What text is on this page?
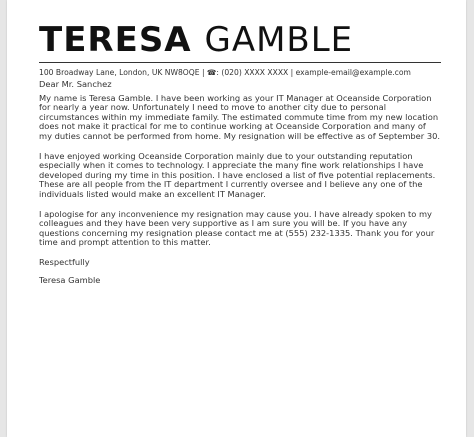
TERESA GAMBLE
100 Broadway Lane, London, UK NW8OQE | ☎: (020) XXXX XXXX | example-email@example.com

Dear Mr. Sanchez

My name is Teresa Gamble. I have been working as your IT Manager at Oceanside Corporation for nearly a year now. Unfortunately I need to move to another city due to personal circumstances within my immediate family. The estimated commute time from my new location does not make it practical for me to continue working at Oceanside Corporation and many of my duties cannot be performed from home. My resignation will be effective as of September 30.

I have enjoyed working Oceanside Corporation mainly due to your outstanding reputation especially when it comes to technology. I appreciate the many fine work relationships I have developed during my time in this position. I have enclosed a list of five potential replacements. These are all people from the IT department I currently oversee and I believe any one of the individuals listed would make an excellent IT Manager.

I apologise for any inconvenience my resignation may cause you. I have already spoken to my colleagues and they have been very supportive as I am sure you will be. If you have any questions concerning my resignation please contact me at (555) 232-1335. Thank you for your time and prompt attention to this matter.

Respectfully

Teresa Gamble
